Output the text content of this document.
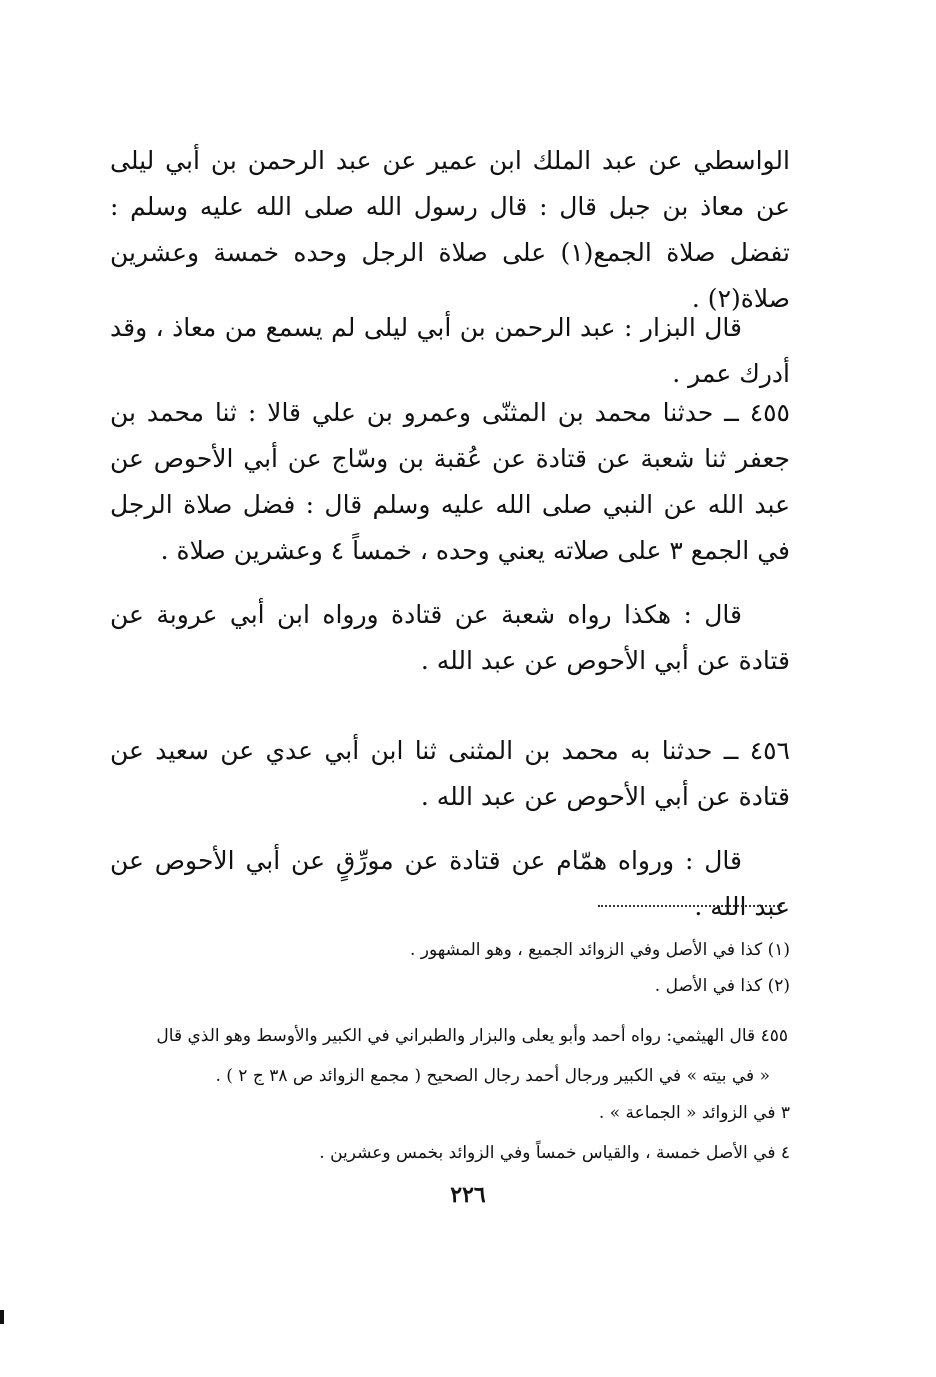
الواسطي عن عبد الملك ابن عمير عن عبد الرحمن بن أبي ليلى عن معاذ بن جبل قال : قال رسول الله صلى الله عليه وسلم : تفضل صلاة الجمع(١) على صلاة الرجل وحده خمسة وعشرين صلاة(٢) .

قال البزار : عبد الرحمن بن أبي ليلى لم يسمع من معاذ ، وقد أدرك عمر .

٤٥٥ ــ حدثنا محمد بن المثنّى وعمرو بن علي قالا : ثنا محمد بن جعفر ثنا شعبة عن قتادة عن عُقبة بن وسّاج عن أبي الأحوص عن عبد الله عن النبي صلى الله عليه وسلم قال : فضل صلاة الرجل في الجمع ٣ على صلاته يعني وحده ، خمساً ٤ وعشرين صلاة .

قال : هكذا رواه شعبة عن قتادة ورواه ابن أبي عروبة عن قتادة عن أبي الأحوص عن عبد الله .

٤٥٦ ــ حدثنا به محمد بن المثنى ثنا ابن أبي عدي عن سعيد عن قتادة عن أبي الأحوص عن عبد الله .

قال : ورواه همّام عن قتادة عن مورِّقٍ عن أبي الأحوص عن عبد الله .

(١) كذا في الأصل وفي الزوائد الجميع ، وهو المشهور .
(٢) كذا في الأصل .
٤٥٥ قال الهيثمي: رواه أحمد وأبو يعلى والبزار والطبراني في الكبير والأوسط وهو الذي قال
« في بيته » في الكبير ورجال أحمد رجال الصحيح ( مجمع الزوائد ص ٣٨ ج ٢ ) .
٣ في الزوائد « الجماعة » .
٤ في الأصل خمسة ، والقياس خمساً وفي الزوائد بخمس وعشرين .
٢٢٦
